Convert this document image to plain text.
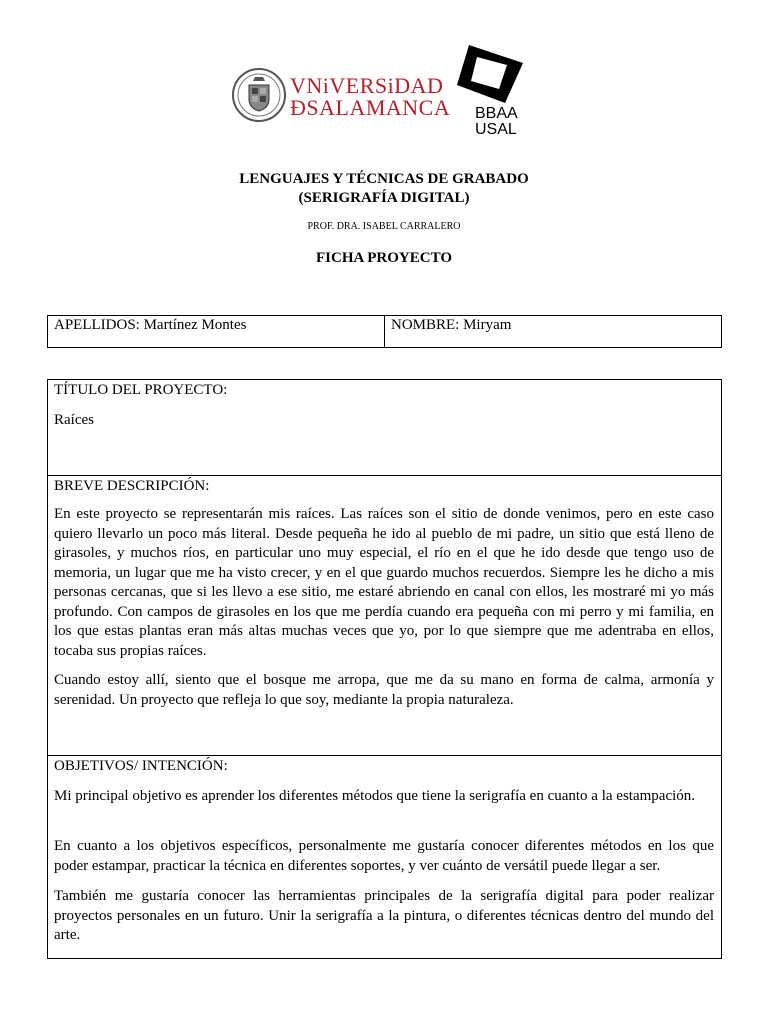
VNiVERSiDAD
ÐSALAMANCA BBAA
USAL
LENGUAJES Y TÉCNICAS DE GRABADO
(SERIGRAFÍA DIGITAL)
PROF. DRA. ISABEL CARRALERO
FICHA PROYECTO
APELLIDOS: Martínez Montes	NOMBRE: Miryam
TÍTULO DEL PROYECTO:
Raíces
BREVE DESCRIPCIÓN:
En este proyecto se representarán mis raíces. Las raíces son el sitio de donde venimos, pero en este caso quiero llevarlo un poco más literal. Desde pequeña he ido al pueblo de mi padre, un sitio que está lleno de girasoles, y muchos ríos, en particular uno muy especial, el río en el que he ido desde que tengo uso de memoria, un lugar que me ha visto crecer, y en el que guardo muchos recuerdos. Siempre les he dicho a mis personas cercanas, que si les llevo a ese sitio, me estaré abriendo en canal con ellos, les mostraré mi yo más profundo. Con campos de girasoles en los que me perdía cuando era pequeña con mi perro y mi familia, en los que estas plantas eran más altas muchas veces que yo, por lo que siempre que me adentraba en ellos, tocaba sus propias raíces.
Cuando estoy allí, siento que el bosque me arropa, que me da su mano en forma de calma, armonía y serenidad. Un proyecto que refleja lo que soy, mediante la propia naturaleza.
OBJETIVOS/ INTENCIÓN:
Mi principal objetivo es aprender los diferentes métodos que tiene la serigrafía en cuanto a la estampación.
En cuanto a los objetivos específicos, personalmente me gustaría conocer diferentes métodos en los que poder estampar, practicar la técnica en diferentes soportes, y ver cuánto de versátil puede llegar a ser.
También me gustaría conocer las herramientas principales de la serigrafía digital para poder realizar proyectos personales en un futuro. Unir la serigrafía a la pintura, o diferentes técnicas dentro del mundo del arte.
